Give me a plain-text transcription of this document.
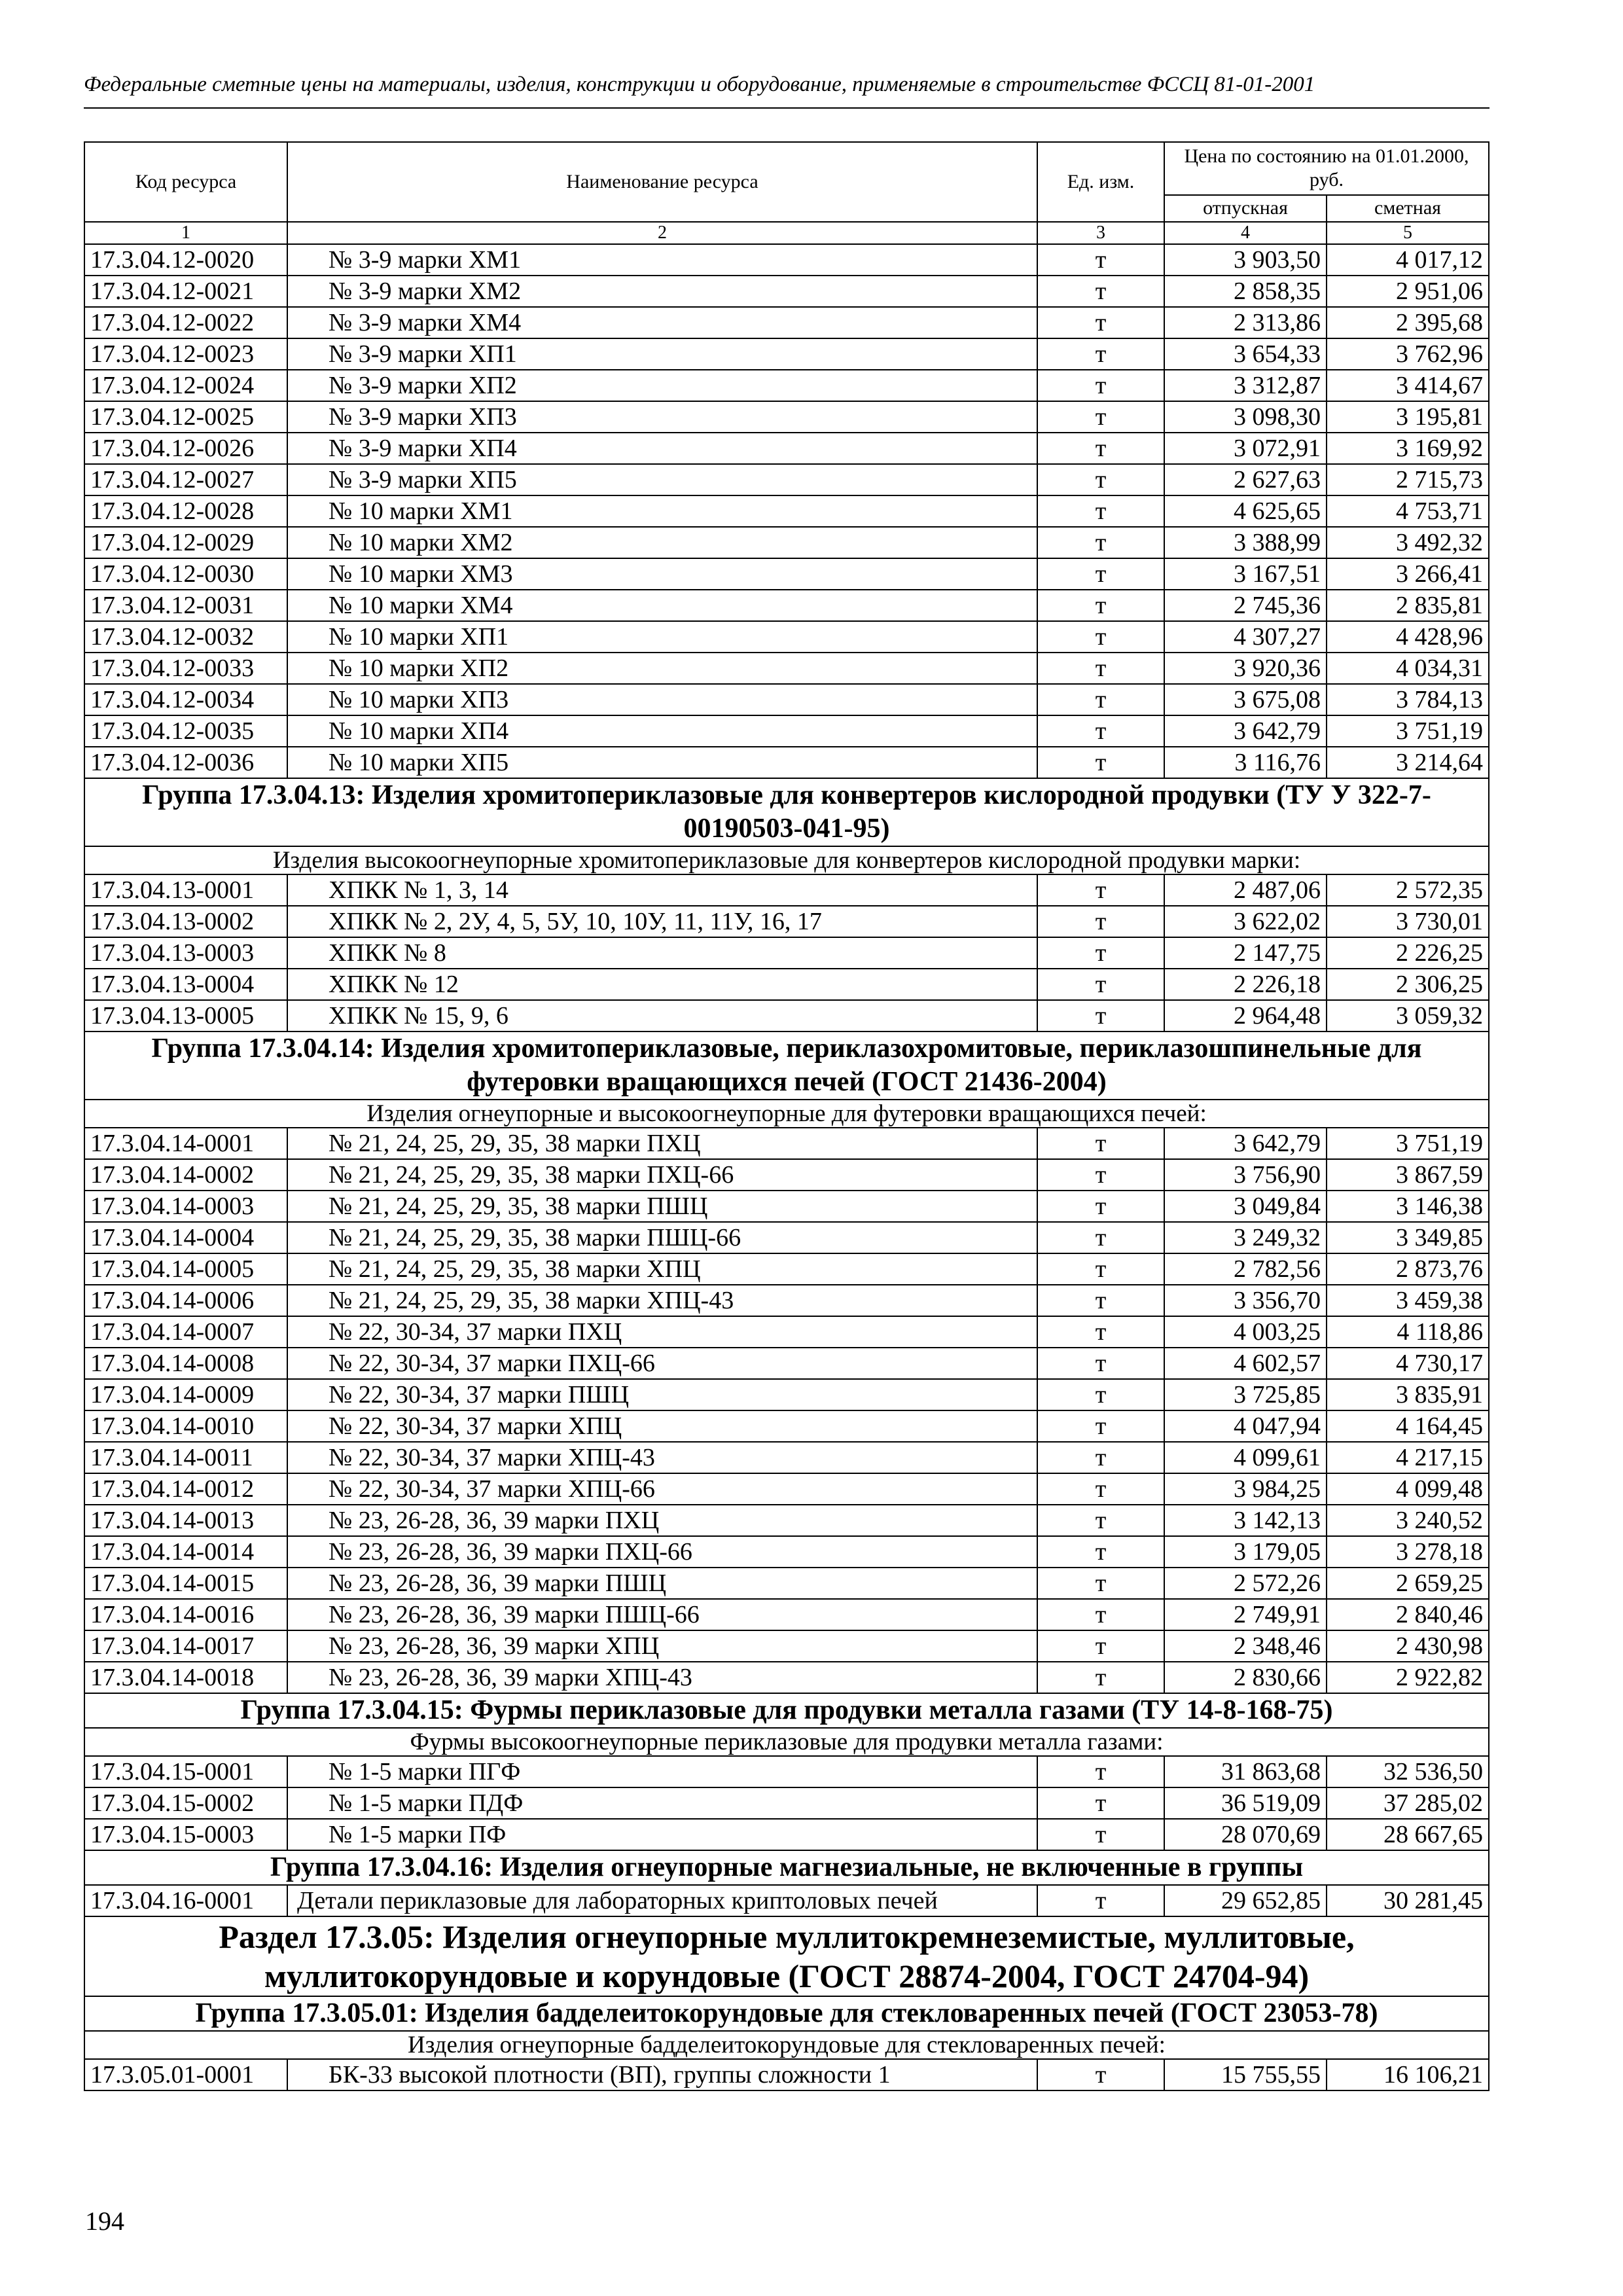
Федеральные сметные цены на материалы, изделия, конструкции и оборудование, применяемые в строительстве ФССЦ 81-01-2001
Код ресурса	Наименование ресурса	Ед. изм.	Цена по состоянию на 01.01.2000, руб.	
			отпускная	сметная
1	2	3	4	5
17.3.04.12-0020	№ 3-9 марки ХМ1	т	3 903,50	4 017,12
17.3.04.12-0021	№ 3-9 марки ХМ2	т	2 858,35	2 951,06
17.3.04.12-0022	№ 3-9 марки ХМ4	т	2 313,86	2 395,68
17.3.04.12-0023	№ 3-9 марки ХП1	т	3 654,33	3 762,96
17.3.04.12-0024	№ 3-9 марки ХП2	т	3 312,87	3 414,67
17.3.04.12-0025	№ 3-9 марки ХП3	т	3 098,30	3 195,81
17.3.04.12-0026	№ 3-9 марки ХП4	т	3 072,91	3 169,92
17.3.04.12-0027	№ 3-9 марки ХП5	т	2 627,63	2 715,73
17.3.04.12-0028	№ 10 марки ХМ1	т	4 625,65	4 753,71
17.3.04.12-0029	№ 10 марки ХМ2	т	3 388,99	3 492,32
17.3.04.12-0030	№ 10 марки ХМ3	т	3 167,51	3 266,41
17.3.04.12-0031	№ 10 марки ХМ4	т	2 745,36	2 835,81
17.3.04.12-0032	№ 10 марки ХП1	т	4 307,27	4 428,96
17.3.04.12-0033	№ 10 марки ХП2	т	3 920,36	4 034,31
17.3.04.12-0034	№ 10 марки ХП3	т	3 675,08	3 784,13
17.3.04.12-0035	№ 10 марки ХП4	т	3 642,79	3 751,19
17.3.04.12-0036	№ 10 марки ХП5	т	3 116,76	3 214,64
Группа 17.3.04.13: Изделия хромитопериклазовые для конвертеров кислородной продувки (ТУ У 322-7-00190503-041-95)				
Изделия высокоогнеупорные хромитопериклазовые для конвертеров кислородной продувки марки:				
17.3.04.13-0001	ХПКК № 1, 3, 14	т	2 487,06	2 572,35
17.3.04.13-0002	ХПКК № 2, 2У, 4, 5, 5У, 10, 10У, 11, 11У, 16, 17	т	3 622,02	3 730,01
17.3.04.13-0003	ХПКК № 8	т	2 147,75	2 226,25
17.3.04.13-0004	ХПКК № 12	т	2 226,18	2 306,25
17.3.04.13-0005	ХПКК № 15, 9, 6	т	2 964,48	3 059,32
Группа 17.3.04.14: Изделия хромитопериклазовые, периклазохромитовые, периклазошпинельные для футеровки вращающихся печей (ГОСТ 21436-2004)				
Изделия огнеупорные и высокоогнеупорные для футеровки вращающихся печей:				
17.3.04.14-0001	№ 21, 24, 25, 29, 35, 38 марки ПХЦ	т	3 642,79	3 751,19
17.3.04.14-0002	№ 21, 24, 25, 29, 35, 38 марки ПХЦ-66	т	3 756,90	3 867,59
17.3.04.14-0003	№ 21, 24, 25, 29, 35, 38 марки ПШЦ	т	3 049,84	3 146,38
17.3.04.14-0004	№ 21, 24, 25, 29, 35, 38 марки ПШЦ-66	т	3 249,32	3 349,85
17.3.04.14-0005	№ 21, 24, 25, 29, 35, 38 марки ХПЦ	т	2 782,56	2 873,76
17.3.04.14-0006	№ 21, 24, 25, 29, 35, 38 марки ХПЦ-43	т	3 356,70	3 459,38
17.3.04.14-0007	№ 22, 30-34, 37 марки ПХЦ	т	4 003,25	4 118,86
17.3.04.14-0008	№ 22, 30-34, 37 марки ПХЦ-66	т	4 602,57	4 730,17
17.3.04.14-0009	№ 22, 30-34, 37 марки ПШЦ	т	3 725,85	3 835,91
17.3.04.14-0010	№ 22, 30-34, 37 марки ХПЦ	т	4 047,94	4 164,45
17.3.04.14-0011	№ 22, 30-34, 37 марки ХПЦ-43	т	4 099,61	4 217,15
17.3.04.14-0012	№ 22, 30-34, 37 марки ХПЦ-66	т	3 984,25	4 099,48
17.3.04.14-0013	№ 23, 26-28, 36, 39 марки ПХЦ	т	3 142,13	3 240,52
17.3.04.14-0014	№ 23, 26-28, 36, 39 марки ПХЦ-66	т	3 179,05	3 278,18
17.3.04.14-0015	№ 23, 26-28, 36, 39 марки ПШЦ	т	2 572,26	2 659,25
17.3.04.14-0016	№ 23, 26-28, 36, 39 марки ПШЦ-66	т	2 749,91	2 840,46
17.3.04.14-0017	№ 23, 26-28, 36, 39 марки ХПЦ	т	2 348,46	2 430,98
17.3.04.14-0018	№ 23, 26-28, 36, 39 марки ХПЦ-43	т	2 830,66	2 922,82
Группа 17.3.04.15: Фурмы периклазовые для продувки металла газами (ТУ 14-8-168-75)				
Фурмы высокоогнеупорные периклазовые для продувки металла газами:				
17.3.04.15-0001	№ 1-5 марки ПГФ	т	31 863,68	32 536,50
17.3.04.15-0002	№ 1-5 марки ПДФ	т	36 519,09	37 285,02
17.3.04.15-0003	№ 1-5 марки ПФ	т	28 070,69	28 667,65
Группа 17.3.04.16: Изделия огнеупорные магнезиальные, не включенные в группы				
17.3.04.16-0001	Детали периклазовые для лабораторных криптоловых печей	т	29 652,85	30 281,45
Раздел 17.3.05: Изделия огнеупорные муллитокремнеземистые, муллитовые, муллитокорундовые и корундовые (ГОСТ 28874-2004, ГОСТ 24704-94)				
Группа 17.3.05.01: Изделия бадделеитокорундовые для стекловаренных печей (ГОСТ 23053-78)				
Изделия огнеупорные бадделеитокорундовые для стекловаренных печей:				
17.3.05.01-0001	БК-33 высокой плотности (ВП), группы сложности 1	т	15 755,55	16 106,21
194
